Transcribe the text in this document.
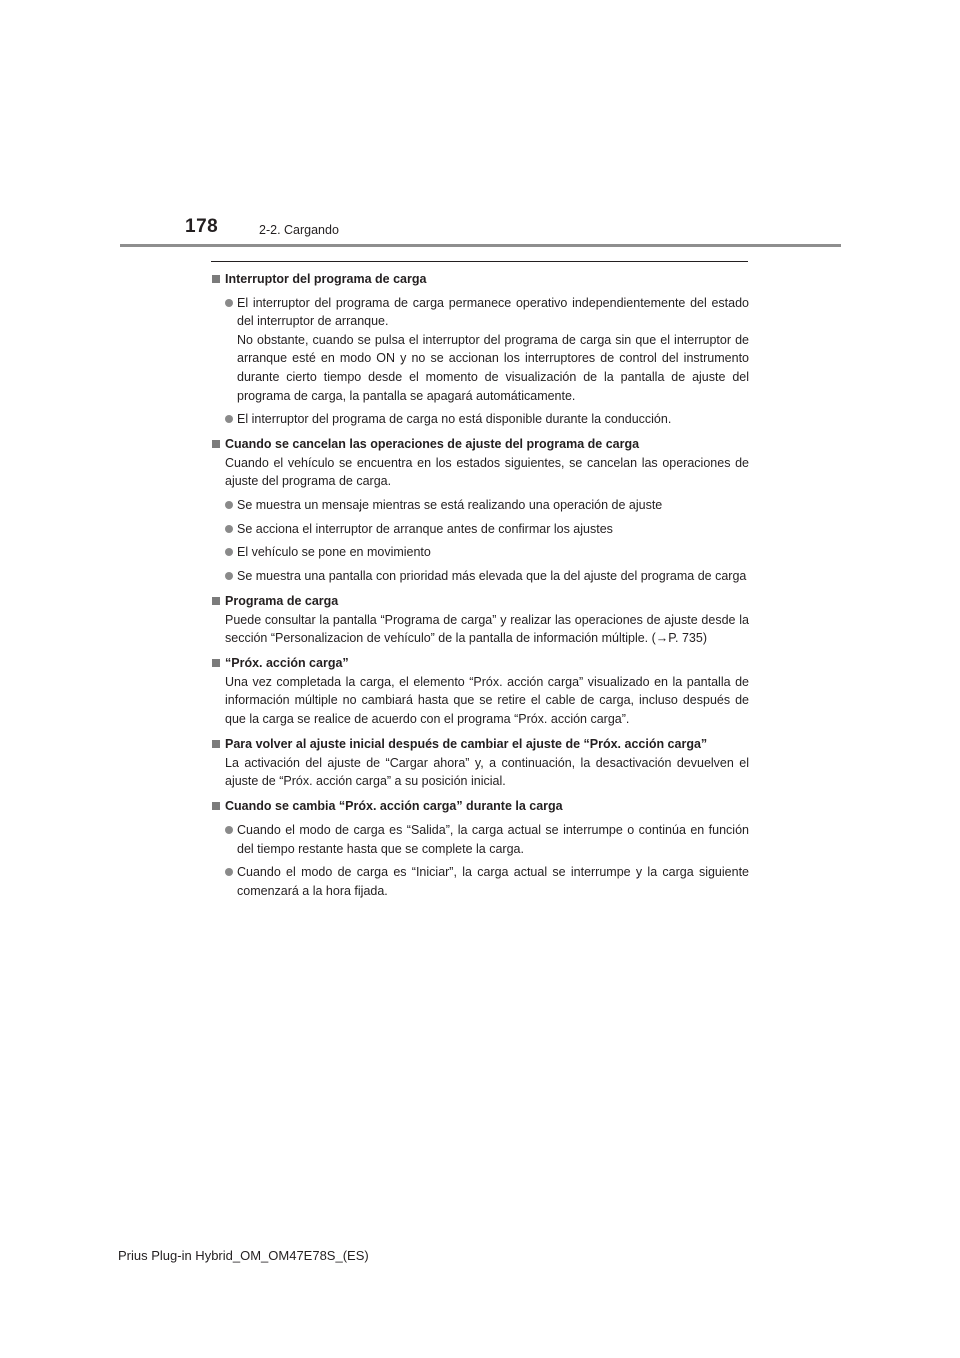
178	2-2. Cargando
Interruptor del programa de carga
El interruptor del programa de carga permanece operativo independientemente del estado del interruptor de arranque.
No obstante, cuando se pulsa el interruptor del programa de carga sin que el interruptor de arranque esté en modo ON y no se accionan los interruptores de control del instrumento durante cierto tiempo desde el momento de visualización de la pantalla de ajuste del programa de carga, la pantalla se apagará automáticamente.
El interruptor del programa de carga no está disponible durante la conducción.
Cuando se cancelan las operaciones de ajuste del programa de carga
Cuando el vehículo se encuentra en los estados siguientes, se cancelan las operaciones de ajuste del programa de carga.
Se muestra un mensaje mientras se está realizando una operación de ajuste
Se acciona el interruptor de arranque antes de confirmar los ajustes
El vehículo se pone en movimiento
Se muestra una pantalla con prioridad más elevada que la del ajuste del programa de carga
Programa de carga
Puede consultar la pantalla “Programa de carga” y realizar las operaciones de ajuste desde la sección “Personalizacion de vehículo” de la pantalla de información múltiple. (→P. 735)
“Próx. acción carga”
Una vez completada la carga, el elemento “Próx. acción carga” visualizado en la pantalla de información múltiple no cambiará hasta que se retire el cable de carga, incluso después de que la carga se realice de acuerdo con el programa “Próx. acción carga”.
Para volver al ajuste inicial después de cambiar el ajuste de “Próx. acción carga”
La activación del ajuste de “Cargar ahora” y, a continuación, la desactivación devuelven el ajuste de “Próx. acción carga” a su posición inicial.
Cuando se cambia “Próx. acción carga” durante la carga
Cuando el modo de carga es “Salida”, la carga actual se interrumpe o continúa en función del tiempo restante hasta que se complete la carga.
Cuando el modo de carga es “Iniciar”, la carga actual se interrumpe y la carga siguiente comenzará a la hora fijada.
Prius Plug-in Hybrid_OM_OM47E78S_(ES)
